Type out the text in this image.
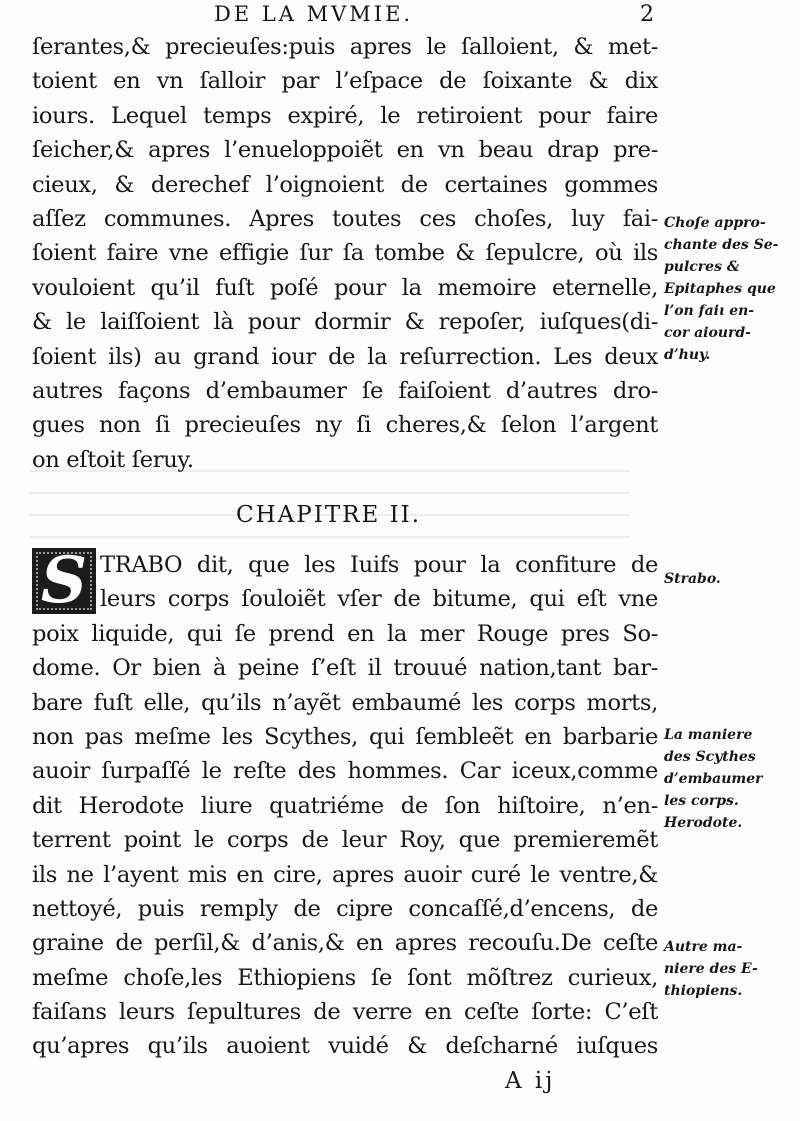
DE LA MVMIE.	2
ſerantes,& precieuſes:puis apres le ſalloient, & met-
toient en vn ſalloir par l’eſpace de ſoixante & dix
iours. Lequel temps expiré, le retiroient pour faire
ſeicher,& apres l’enueloppoiẽt en vn beau drap pre-
cieux, & derechef l’oignoient de certaines gommes
aſſez communes. Apres toutes ces choſes, luy fai-
ſoient faire vne effigie ſur ſa tombe & ſepulcre, où ils
vouloient qu’il fuſt poſé pour la memoire eternelle,
& le laiſſoient là pour dormir & repoſer, iuſques(di-
ſoient ils) au grand iour de la reſurrection. Les deux
autres façons d’embaumer ſe faiſoient d’autres dro-
gues non ſi precieuſes ny ſi cheres,& ſelon l’argent
on eſtoit ſeruy.
CHAPITRE II.
S TRABO dit, que les Iuifs pour la confiture de
leurs corps ſouloiẽt vſer de bitume, qui eſt vne
poix liquide, qui ſe prend en la mer Rouge pres So-
dome. Or bien à peine ſ’eſt il trouué nation,tant bar-
bare fuſt elle, qu’ils n’ayẽt embaumé les corps morts,
non pas meſme les Scythes, qui ſembleẽt en barbarie
auoir ſurpaſſé le reſte des hommes. Car iceux,comme
dit Herodote liure quatriéme de ſon hiſtoire, n’en-
terrent point le corps de leur Roy, que premieremẽt
ils ne l’ayent mis en cire, apres auoir curé le ventre,&
nettoyé, puis remply de cipre concaſſé,d’encens, de
graine de perſil,& d’anis,& en apres recouſu.De ceſte
meſme choſe,les Ethiopiens ſe ſont mõſtrez curieux,
faiſans leurs ſepultures de verre en ceſte ſorte: C’eſt
qu’apres qu’ils auoient vuidé & deſcharné iuſques
Choſe appro-
chante des Se-
pulcres &
Epitaphes que
l’on faiɩ en-
cor aiourd-
d’huy.
Strabo.
La maniere
des Scythes
d’embaumer
les corps.
Herodote.
Autre ma-
niere des E-
thiopiens.
A ij
